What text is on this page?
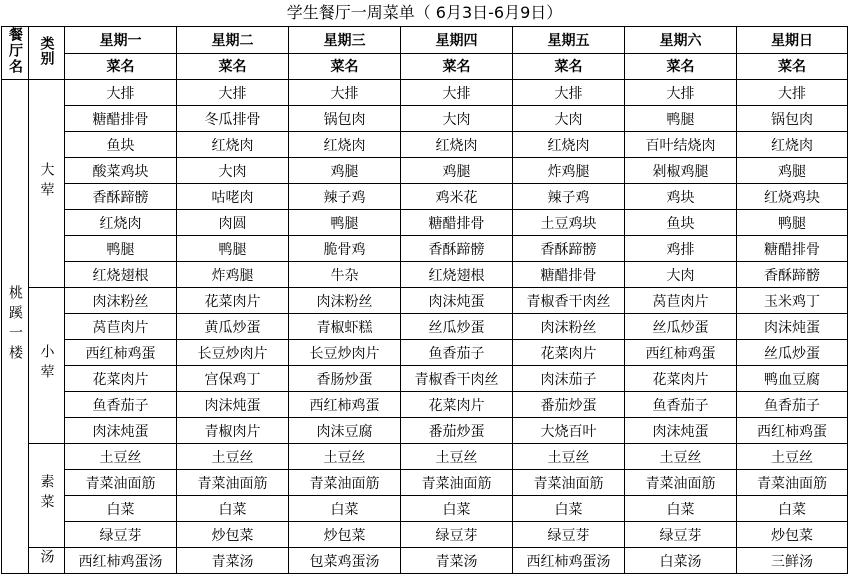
学生餐厅一周菜单（ 6月3日-6月9日）
餐厅名	类别	星期一	星期二	星期三	星期四	星期五	星期六	星期日
		菜名	菜名	菜名	菜名	菜名	菜名	菜名
桃蹊一楼	大荤	大排	大排	大排	大排	大排	大排	大排
		糖醋排骨	冬瓜排骨	锅包肉	大肉	大肉	鸭腿	锅包肉
		鱼块	红烧肉	红烧肉	红烧肉	红烧肉	百叶结烧肉	红烧肉
		酸菜鸡块	大肉	鸡腿	鸡腿	炸鸡腿	剁椒鸡腿	鸡腿
		香酥蹄髈	咕咾肉	辣子鸡	鸡米花	辣子鸡	鸡块	红烧鸡块
		红烧肉	肉圆	鸭腿	糖醋排骨	土豆鸡块	鱼块	鸭腿
		鸭腿	鸭腿	脆骨鸡	香酥蹄髈	香酥蹄髈	鸡排	糖醋排骨
		红烧翅根	炸鸡腿	牛杂	红烧翅根	糖醋排骨	大肉	香酥蹄髈
	小荤	肉沫粉丝	花菜肉片	肉沫粉丝	肉沫炖蛋	青椒香干肉丝	莴苣肉片	玉米鸡丁
		莴苣肉片	黄瓜炒蛋	青椒虾糕	丝瓜炒蛋	肉沫粉丝	丝瓜炒蛋	肉沫炖蛋
		西红柿鸡蛋	长豆炒肉片	长豆炒肉片	鱼香茄子	花菜肉片	西红柿鸡蛋	丝瓜炒蛋
		花菜肉片	宫保鸡丁	香肠炒蛋	青椒香干肉丝	肉沫茄子	花菜肉片	鸭血豆腐
		鱼香茄子	肉沫炖蛋	西红柿鸡蛋	花菜肉片	番茄炒蛋	鱼香茄子	鱼香茄子
		肉沫炖蛋	青椒肉片	肉沫豆腐	番茄炒蛋	大烧百叶	肉沫炖蛋	西红柿鸡蛋
	素菜	土豆丝	土豆丝	土豆丝	土豆丝	土豆丝	土豆丝	土豆丝
		青菜油面筋	青菜油面筋	青菜油面筋	青菜油面筋	青菜油面筋	青菜油面筋	青菜油面筋
		白菜	白菜	白菜	白菜	白菜	白菜	白菜
		绿豆芽	炒包菜	炒包菜	绿豆芽	绿豆芽	绿豆芽	炒包菜
	汤	西红柿鸡蛋汤	青菜汤	包菜鸡蛋汤	青菜汤	西红柿鸡蛋汤	白菜汤	三鲜汤
